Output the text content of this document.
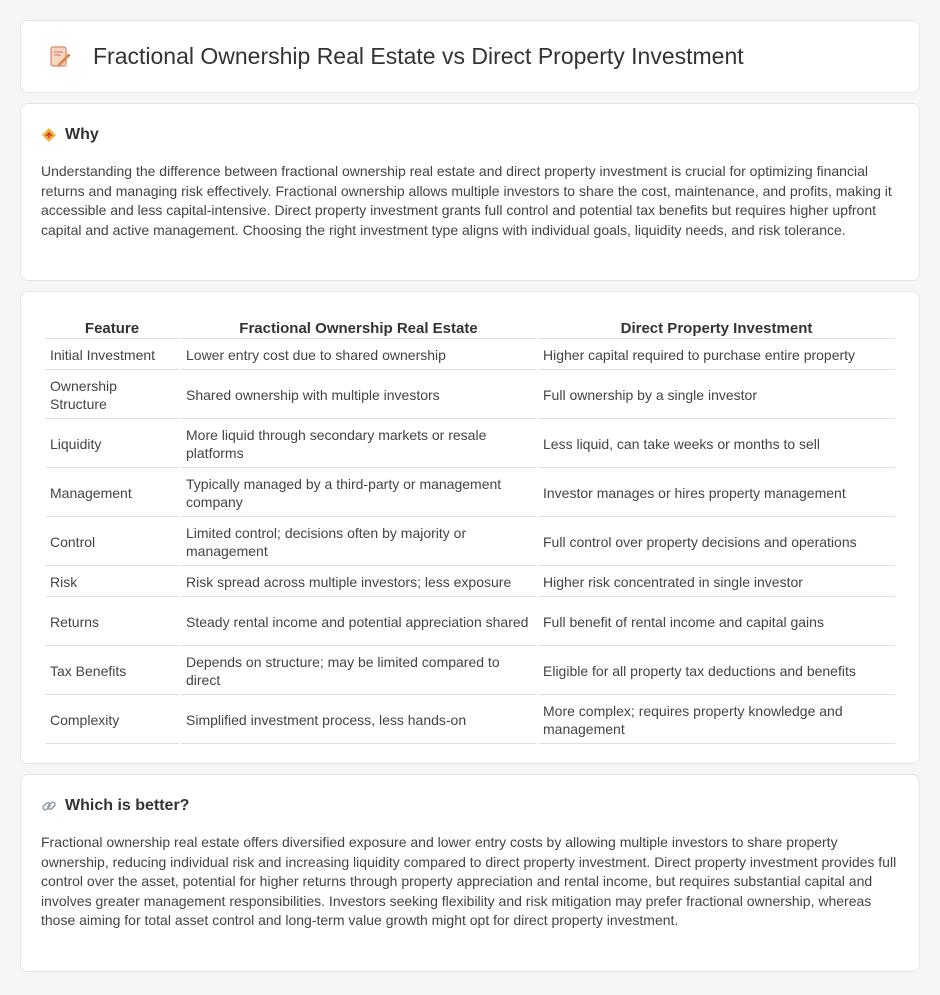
Fractional Ownership Real Estate vs Direct Property Investment
Why

Understanding the difference between fractional ownership real estate and direct property investment is crucial for optimizing financial returns and managing risk effectively. Fractional ownership allows multiple investors to share the cost, maintenance, and profits, making it accessible and less capital-intensive. Direct property investment grants full control and potential tax benefits but requires higher upfront capital and active management. Choosing the right investment type aligns with individual goals, liquidity needs, and risk tolerance.

Feature	Fractional Ownership Real Estate	Direct Property Investment
Initial Investment	Lower entry cost due to shared ownership	Higher capital required to purchase entire property
Ownership Structure	Shared ownership with multiple investors	Full ownership by a single investor
Liquidity	More liquid through secondary markets or resale platforms	Less liquid, can take weeks or months to sell
Management	Typically managed by a third-party or management company	Investor manages or hires property management
Control	Limited control; decisions often by majority or management	Full control over property decisions and operations
Risk	Risk spread across multiple investors; less exposure	Higher risk concentrated in single investor
Returns	Steady rental income and potential appreciation shared	Full benefit of rental income and capital gains
Tax Benefits	Depends on structure; may be limited compared to direct	Eligible for all property tax deductions and benefits
Complexity	Simplified investment process, less hands-on	More complex; requires property knowledge and management
Which is better?

Fractional ownership real estate offers diversified exposure and lower entry costs by allowing multiple investors to share property ownership, reducing individual risk and increasing liquidity compared to direct property investment. Direct property investment provides full control over the asset, potential for higher returns through property appreciation and rental income, but requires substantial capital and involves greater management responsibilities. Investors seeking flexibility and risk mitigation may prefer fractional ownership, whereas those aiming for total asset control and long-term value growth might opt for direct property investment.
